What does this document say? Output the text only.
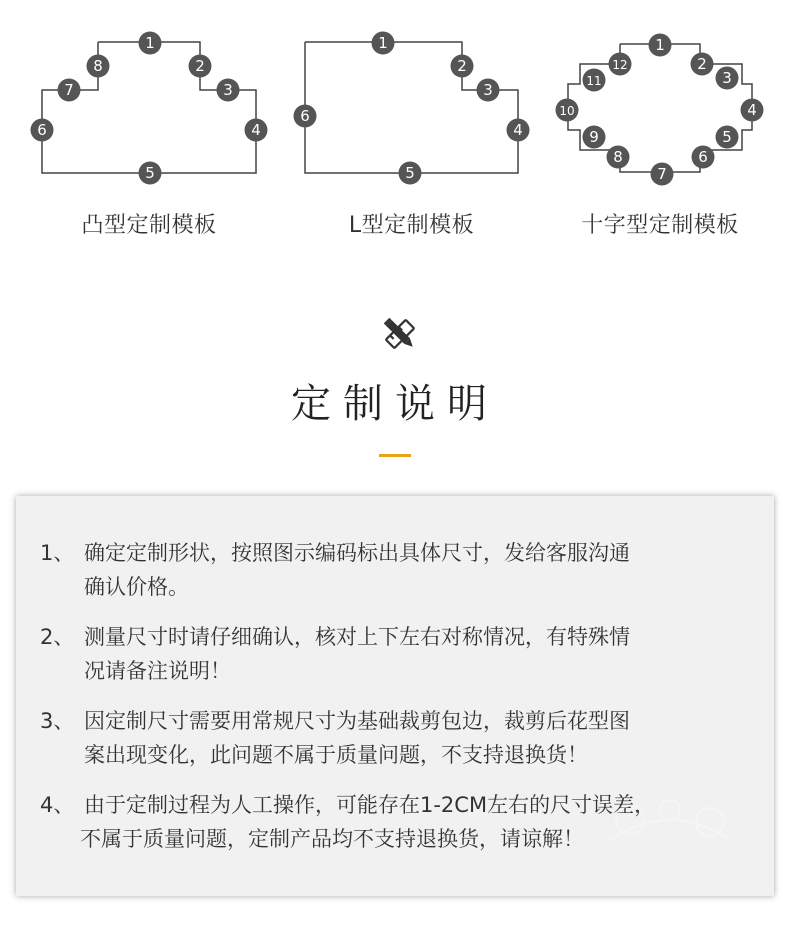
1
2
3
4
5
6
7
8
1
2
3
4
5
6
1
2
3
4
5
6
7
8
9
10
11
12
凸型定制模板	L型定制模板	十字型定制模板
定制说明
1、 确定定制形状，按照图示编码标出具体尺寸，发给客服沟通
确认价格。
2、 测量尺寸时请仔细确认，核对上下左右对称情况，有特殊情
况请备注说明！
3、 因定制尺寸需要用常规尺寸为基础裁剪包边，裁剪后花型图
案出现变化，此问题不属于质量问题，不支持退换货！
4、 由于定制过程为人工操作，可能存在1-2CM左右的尺寸误差，
不属于质量问题，定制产品均不支持退换货，请谅解！
